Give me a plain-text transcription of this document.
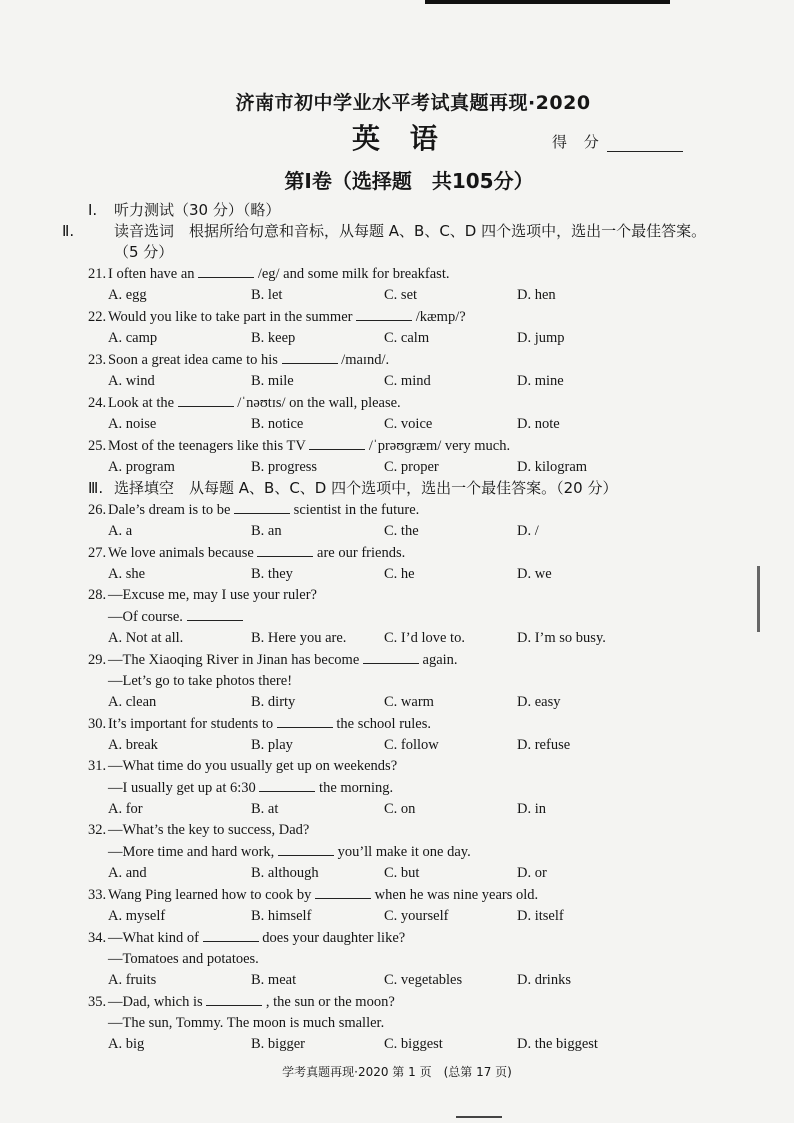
济南市初中学业水平考试真题再现·2020
英 语	得 分
第Ⅰ卷（选择题　共105分）
Ⅰ. 听力测试（30 分）（略）
Ⅱ.	读音选词　根据所给句意和音标，从每题 A、B、C、D 四个选项中，选出一个最佳答案。（5 分）
21. I often have an	/eg/ and some milk for breakfast.
A. egg	B. let	C. set	D. hen
22. Would you like to take part in the summer	/kæmp/?
A. camp	B. keep	C. calm	D. jump
23. Soon a great idea came to his	/maɪnd/.
A. wind	B. mile	C. mind	D. mine
24. Look at the	/ˈnəʊtɪs/ on the wall, please.
A. noise	B. notice	C. voice	D. note
25. Most of the teenagers like this TV	/ˈprəʊɡræm/ very much.
A. program	B. progress	C. proper	D. kilogram
Ⅲ. 选择填空　从每题 A、B、C、D 四个选项中，选出一个最佳答案。（20 分）
26. Dale’s dream is to be	scientist in the future.
A. a	B. an	C. the	D. /
27. We love animals because	are our friends.
A. she	B. they	C. he	D. we
28. —Excuse me, may I use your ruler?
—Of course.
A. Not at all.	B. Here you are.	C. I’d love to.	D. I’m so busy.
29. —The Xiaoqing River in Jinan has become	again.
—Let’s go to take photos there!
A. clean	B. dirty	C. warm	D. easy
30. It’s important for students to	the school rules.
A. break	B. play	C. follow	D. refuse
31. —What time do you usually get up on weekends?
—I usually get up at 6:30	the morning.
A. for	B. at	C. on	D. in
32. —What’s the key to success, Dad?
—More time and hard work,	you’ll make it one day.
A. and	B. although	C. but	D. or
33. Wang Ping learned how to cook by	when he was nine years old.
A. myself	B. himself	C. yourself	D. itself
34. —What kind of	does your daughter like?
—Tomatoes and potatoes.
A. fruits	B. meat	C. vegetables	D. drinks
35. —Dad, which is	, the sun or the moon?
—The sun, Tommy. The moon is much smaller.
A. big	B. bigger	C. biggest	D. the biggest
学考真题再现·2020 第 1 页　(总第 17 页)
